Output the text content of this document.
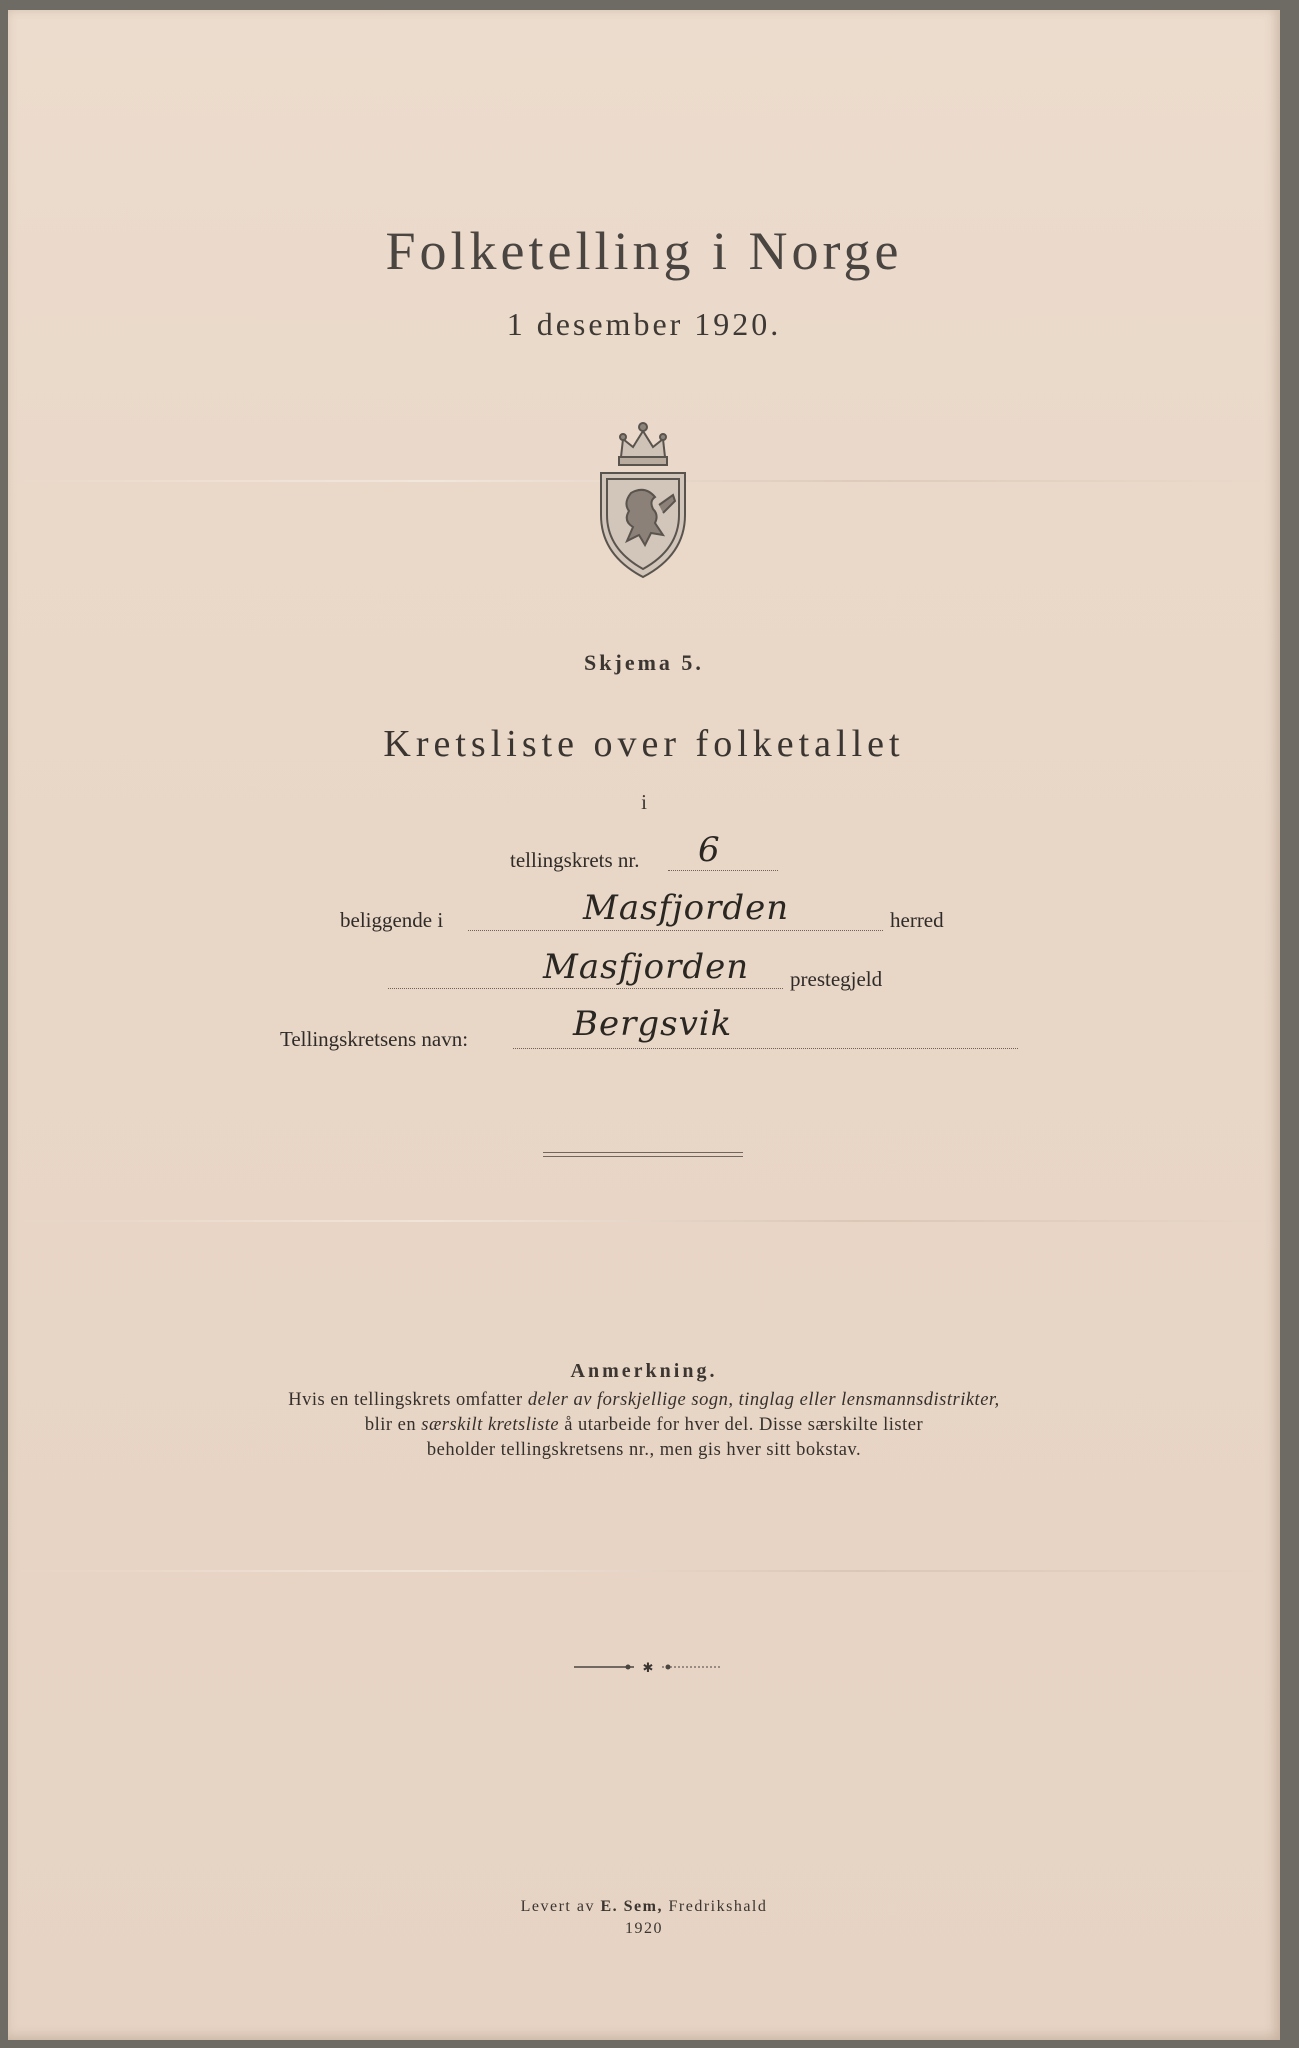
Folketelling i Norge
1 desember 1920.
Skjema 5.
Kretsliste over folketallet
i
tellingskrets nr. 6
beliggende i	Masfjorden	herred
Masfjorden prestegjeld
Tellingskretsens navn:	Bergsvik
Anmerkning.
Hvis en tellingskrets omfatter deler av forskjellige sogn, tinglag eller lensmannsdistrikter,
blir en særskilt kretsliste å utarbeide for hver del. Disse særskilte lister
beholder tellingskretsens nr., men gis hver sitt bokstav.
✱
Levert av E. Sem, Fredrikshald
1920
